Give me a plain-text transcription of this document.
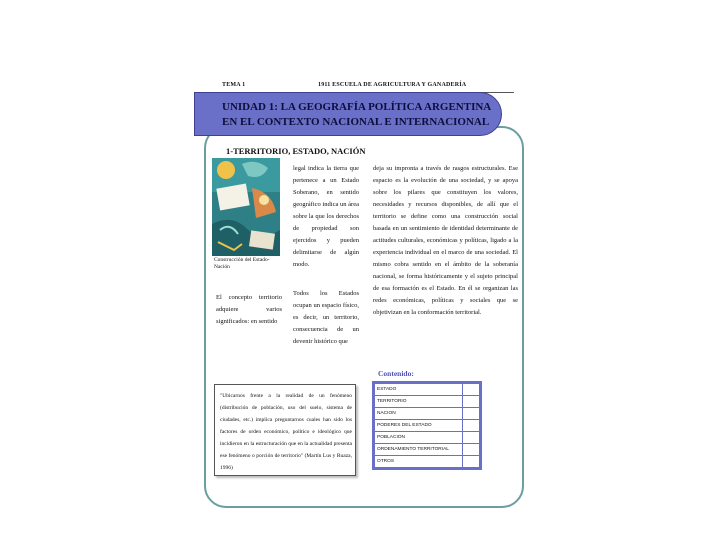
TEMA 1	1911 ESCUELA DE AGRICULTURA Y GANADERÍA
UNIDAD 1: LA GEOGRAFÍA POLÍTICA ARGENTINA
EN EL CONTEXTO NACIONAL E INTERNACIONAL
1-TERRITORIO, ESTADO, NACIÓN
Construcción del Estado-Nación
legal indica la tierra que pertenece a un Estado Soberano, en sentido geográfico indica un área sobre la que los derechos de propiedad son ejercidos y pueden delimitarse de algún modo.
Todos los Estados ocupan un espacio físico, es decir, un territorio, consecuencia de un devenir histórico que
El concepto territorio adquiere varios significados: en sentido
deja su impronta a través de rasgos estructurales. Ese espacio es la evolución de una sociedad, y se apoya sobre los pilares que constituyen los valores, necesidades y recursos disponibles, de allí que el territorio se define como una construcción social basada en un sentimiento de identidad determinante de actitudes culturales, económicas y políticas, ligado a la experiencia individual en el marco de una sociedad. El mismo cobra sentido en el ámbito de la soberanía nacional, se forma históricamente y el sujeto principal de esa formación es el Estado. En él se organizan las redes económicas, políticas y sociales que se objetivizan en la conformación territorial.
"Ubicarnos frente a la realidad de un fenómeno (distribución de población, uso del suelo, sistema de ciudades, etc.) implica preguntarnos cuales han sido los factores de orden económico, político e ideológico que incidieron en la estructuración que en la actualidad presenta ese fenómeno o porción de territorio" (Martín Lus y Ruaza, 1996)
Contenido:
ESTADO	
TERRITORIO	
NACION	
PODERES DEL ESTADO	
POBLACION	
ORDENAMIENTO TERRITORIAL	
OTROS	
